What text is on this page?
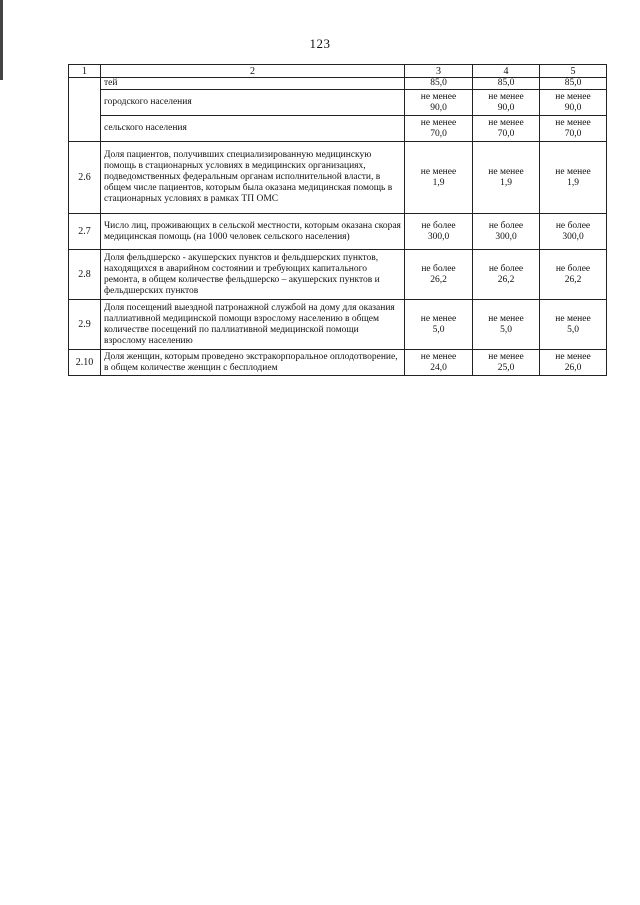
123
1	2	3	4	5
	тей	85,0	85,0	85,0

	городского населения	не менее
90,0	не менее
90,0	не менее
90,0

	сельского населения	не менее
70,0	не менее
70,0	не менее
70,0

2.6	Доля пациентов, получивших специализированную медицинскую помощь в стационарных условиях в медицинских организациях, подведомственных федеральным органам исполнительной власти, в общем числе пациентов, которым была оказана медицинская помощь в стационарных условиях в рамках ТП ОМС	не менее
1,9	не менее
1,9	не менее
1,9

2.7	Число лиц, проживающих в сельской местности, которым оказана скорая медицинская помощь (на 1000 человек сельского населения)	не более
300,0	не более
300,0	не более
300,0

2.8	Доля фельдшерско - акушерских пунктов и фельдшерских пунктов, находящихся в аварийном состоянии и требующих капитального ремонта, в общем количестве фельдшерско – акушерских пунктов и фельдшерских пунктов	не более
26,2	не более
26,2	не более
26,2

2.9	Доля посещений выездной патронажной службой на дому для оказания паллиативной медицинской помощи взрослому населению в общем количестве посещений по паллиативной медицинской помощи взрослому населению	не менее
5,0	не менее
5,0	не менее
5,0

2.10	Доля женщин, которым проведено экстракорпоральное оплодотворение, в общем количестве женщин с бесплодием	не менее
24,0	не менее
25,0	не менее
26,0
